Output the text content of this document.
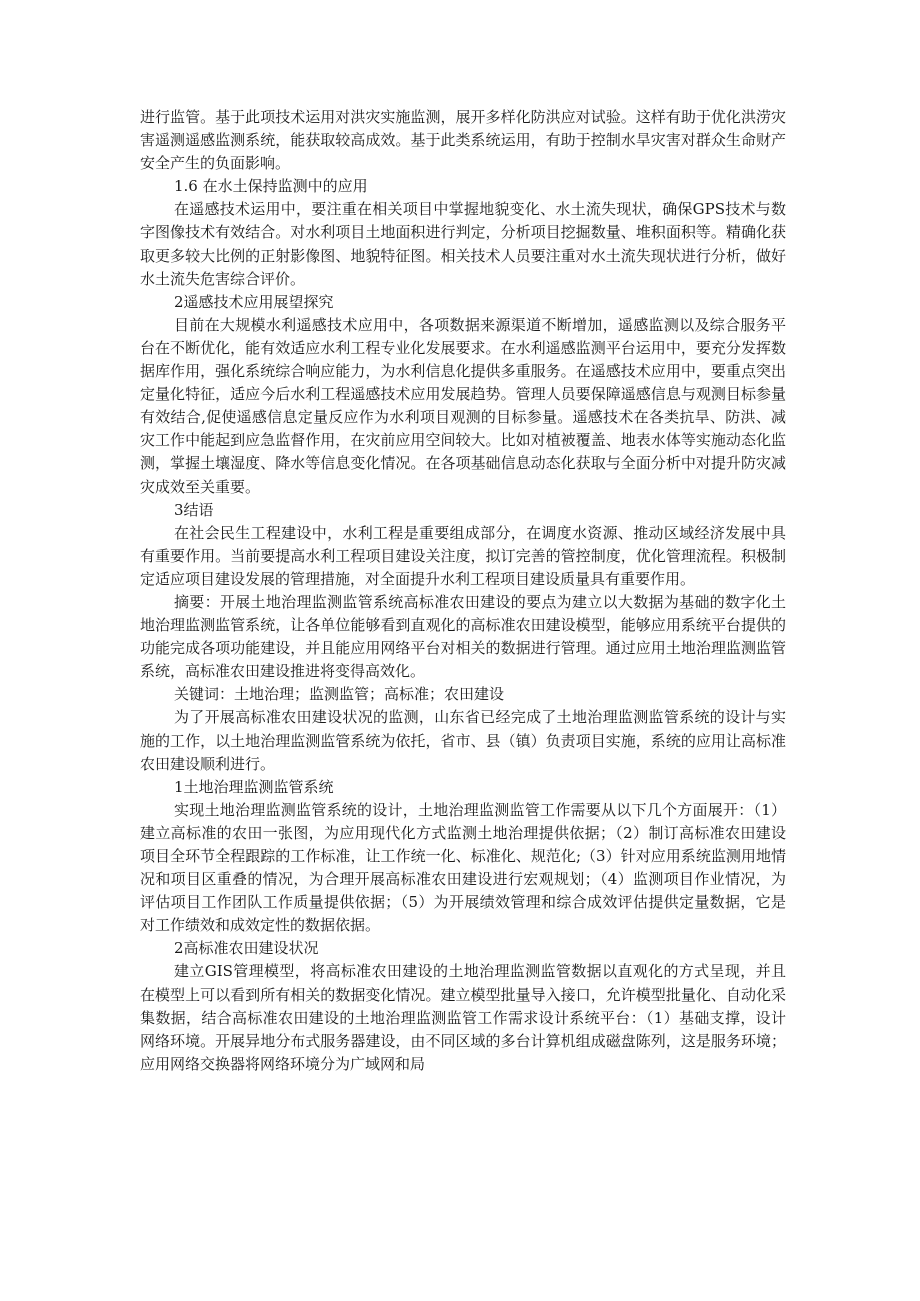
进行监管。基于此项技术运用对洪灾实施监测，展开多样化防洪应对试验。这样有助于优化洪涝灾害遥测遥感监测系统，能获取较高成效。基于此类系统运用，有助于控制水旱灾害对群众生命财产安全产生的负面影响。

1.6 在水土保持监测中的应用

在遥感技术运用中，要注重在相关项目中掌握地貌变化、水土流失现状，确保GPS技术与数字图像技术有效结合。对水利项目土地面积进行判定，分析项目挖掘数量、堆积面积等。精确化获取更多较大比例的正射影像图、地貌特征图。相关技术人员要注重对水土流失现状进行分析，做好水土流失危害综合评价。

2遥感技术应用展望探究

目前在大规模水利遥感技术应用中，各项数据来源渠道不断增加，遥感监测以及综合服务平台在不断优化，能有效适应水利工程专业化发展要求。在水利遥感监测平台运用中，要充分发挥数据库作用，强化系统综合响应能力，为水利信息化提供多重服务。在遥感技术应用中，要重点突出定量化特征，适应今后水利工程遥感技术应用发展趋势。管理人员要保障遥感信息与观测目标参量有效结合,促使遥感信息定量反应作为水利项目观测的目标参量。遥感技术在各类抗旱、防洪、减灾工作中能起到应急监督作用，在灾前应用空间较大。比如对植被覆盖、地表水体等实施动态化监测，掌握土壤湿度、降水等信息变化情况。在各项基础信息动态化获取与全面分析中对提升防灾减灾成效至关重要。

3结语

在社会民生工程建设中，水利工程是重要组成部分，在调度水资源、推动区域经济发展中具有重要作用。当前要提高水利工程项目建设关注度，拟订完善的管控制度，优化管理流程。积极制定适应项目建设发展的管理措施，对全面提升水利工程项目建设质量具有重要作用。

摘要：开展土地治理监测监管系统高标准农田建设的要点为建立以大数据为基础的数字化土地治理监测监管系统，让各单位能够看到直观化的高标准农田建设模型，能够应用系统平台提供的功能完成各项功能建设，并且能应用网络平台对相关的数据进行管理。通过应用土地治理监测监管系统，高标准农田建设推进将变得高效化。

关键词：土地治理；监测监管；高标准；农田建设

为了开展高标准农田建设状况的监测，山东省已经完成了土地治理监测监管系统的设计与实施的工作，以土地治理监测监管系统为依托，省市、县（镇）负责项目实施，系统的应用让高标准农田建设顺利进行。

1土地治理监测监管系统

实现土地治理监测监管系统的设计，土地治理监测监管工作需要从以下几个方面展开：（1）建立高标准的农田一张图，为应用现代化方式监测土地治理提供依据；（2）制订高标准农田建设项目全环节全程跟踪的工作标准，让工作统一化、标准化、规范化;（3）针对应用系统监测用地情况和项目区重叠的情况，为合理开展高标准农田建设进行宏观规划；（4）监测项目作业情况，为评估项目工作团队工作质量提供依据；（5）为开展绩效管理和综合成效评估提供定量数据，它是对工作绩效和成效定性的数据依据。

2高标准农田建设状况

建立GIS管理模型，将高标准农田建设的土地治理监测监管数据以直观化的方式呈现，并且在模型上可以看到所有相关的数据变化情况。建立模型批量导入接口，允许模型批量化、自动化采集数据，结合高标准农田建设的土地治理监测监管工作需求设计系统平台：（1）基础支撑，设计网络环境。开展异地分布式服务器建设，由不同区域的多台计算机组成磁盘陈列，这是服务环境；应用网络交换器将网络环境分为广域网和局
